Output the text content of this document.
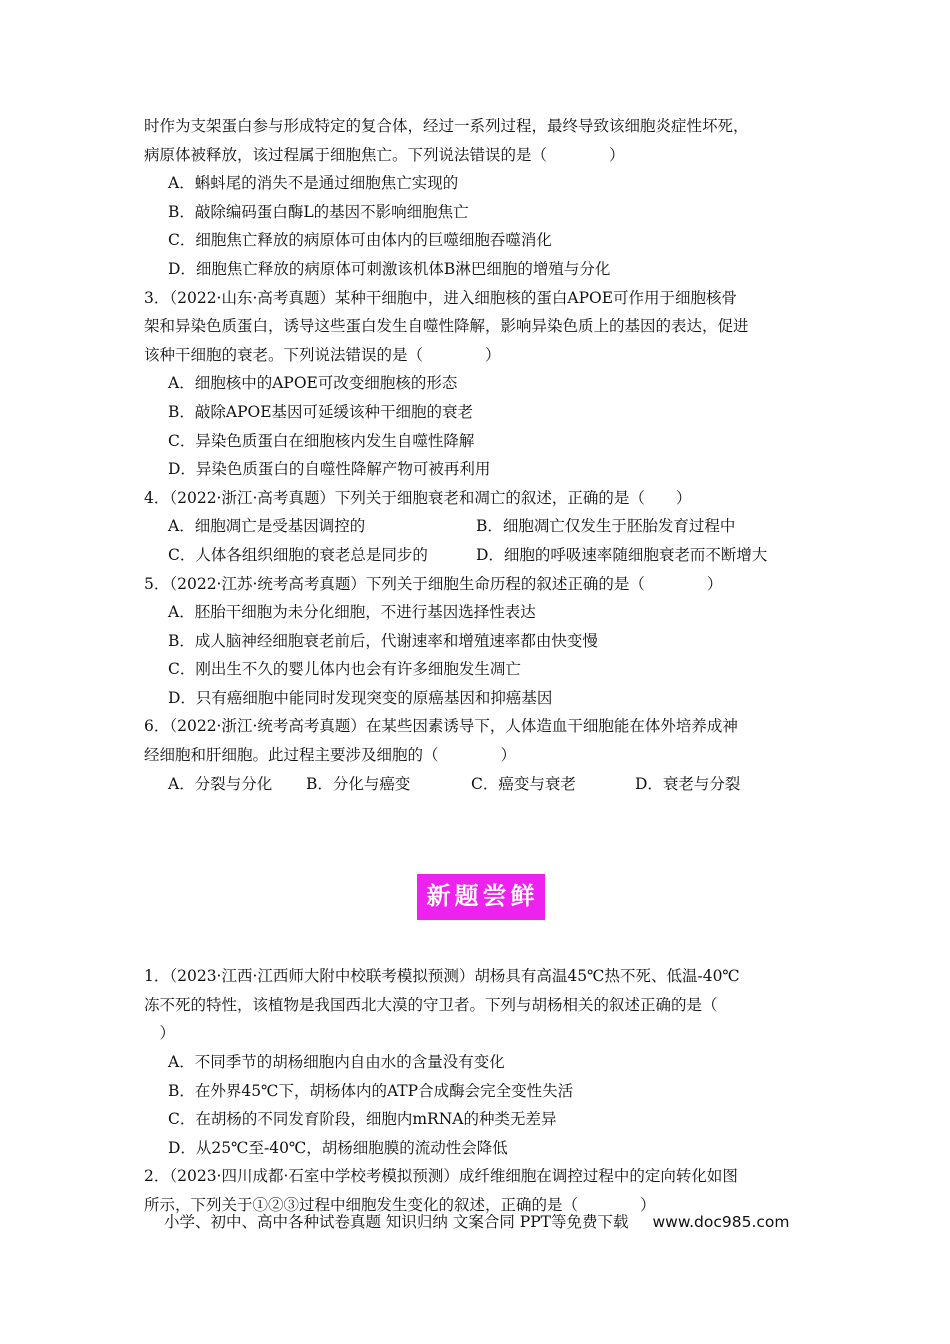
时作为支架蛋白参与形成特定的复合体，经过一系列过程，最终导致该细胞炎症性坏死，
病原体被释放，该过程属于细胞焦亡。下列说法错误的是（　　　　）
A．蝌蚪尾的消失不是通过细胞焦亡实现的
B．敲除编码蛋白酶L的基因不影响细胞焦亡
C．细胞焦亡释放的病原体可由体内的巨噬细胞吞噬消化
D．细胞焦亡释放的病原体可刺激该机体B淋巴细胞的增殖与分化
3．（2022·山东·高考真题）某种干细胞中，进入细胞核的蛋白APOE可作用于细胞核骨
架和异染色质蛋白，诱导这些蛋白发生自噬性降解，影响异染色质上的基因的表达，促进
该种干细胞的衰老。下列说法错误的是（　　　　）
A．细胞核中的APOE可改变细胞核的形态
B．敲除APOE基因可延缓该种干细胞的衰老
C．异染色质蛋白在细胞核内发生自噬性降解
D．异染色质蛋白的自噬性降解产物可被再利用
4．（2022·浙江·高考真题）下列关于细胞衰老和凋亡的叙述，正确的是（　　）
A．细胞凋亡是受基因调控的	B．细胞凋亡仅发生于胚胎发育过程中
C．人体各组织细胞的衰老总是同步的	D．细胞的呼吸速率随细胞衰老而不断增大
5．（2022·江苏·统考高考真题）下列关于细胞生命历程的叙述正确的是（　　　　）
A．胚胎干细胞为未分化细胞，不进行基因选择性表达
B．成人脑神经细胞衰老前后，代谢速率和增殖速率都由快变慢
C．刚出生不久的婴儿体内也会有许多细胞发生凋亡
D．只有癌细胞中能同时发现突变的原癌基因和抑癌基因
6．（2022·浙江·统考高考真题）在某些因素诱导下，人体造血干细胞能在体外培养成神
经细胞和肝细胞。此过程主要涉及细胞的（　　　　）
A．分裂与分化	B．分化与癌变	C．癌变与衰老	D．衰老与分裂
新题尝鲜
1．（2023·江西·江西师大附中校联考模拟预测）胡杨具有高温45℃热不死、低温-40℃
冻不死的特性，该植物是我国西北大漠的守卫者。下列与胡杨相关的叙述正确的是（
　）
A．不同季节的胡杨细胞内自由水的含量没有变化
B．在外界45℃下，胡杨体内的ATP合成酶会完全变性失活
C．在胡杨的不同发育阶段，细胞内mRNA的种类无差异
D．从25℃至-40℃，胡杨细胞膜的流动性会降低
2．（2023·四川成都·石室中学校考模拟预测）成纤维细胞在调控过程中的定向转化如图
所示，下列关于①②③过程中细胞发生变化的叙述，正确的是（　　　　）
小学、初中、高中各种试卷真题 知识归纳 文案合同 PPT等免费下载 www.doc985.com
